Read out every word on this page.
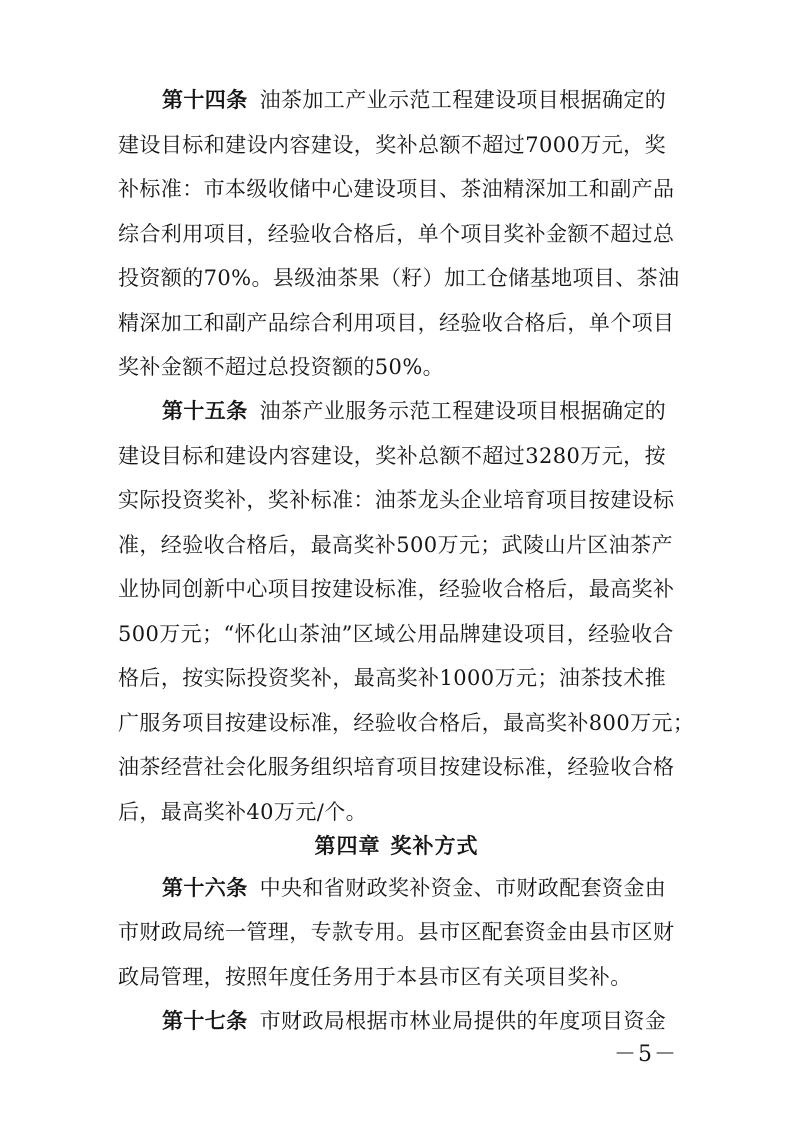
第十四条 油茶加工产业示范工程建设项目根据确定的
建设目标和建设内容建设，奖补总额不超过7000万元，奖
补标准：市本级收储中心建设项目、茶油精深加工和副产品
综合利用项目，经验收合格后，单个项目奖补金额不超过总
投资额的70%。县级油茶果（籽）加工仓储基地项目、茶油
精深加工和副产品综合利用项目，经验收合格后，单个项目
奖补金额不超过总投资额的50%。
第十五条 油茶产业服务示范工程建设项目根据确定的
建设目标和建设内容建设，奖补总额不超过3280万元，按
实际投资奖补，奖补标准：油茶龙头企业培育项目按建设标
准，经验收合格后，最高奖补500万元；武陵山片区油茶产
业协同创新中心项目按建设标准，经验收合格后，最高奖补
500万元；“怀化山茶油”区域公用品牌建设项目，经验收合
格后，按实际投资奖补，最高奖补1000万元；油茶技术推
广服务项目按建设标准，经验收合格后，最高奖补800万元；
油茶经营社会化服务组织培育项目按建设标准，经验收合格
后，最高奖补40万元/个。
第十六条 中央和省财政奖补资金、市财政配套资金由
市财政局统一管理，专款专用。县市区配套资金由县市区财
政局管理，按照年度任务用于本县市区有关项目奖补。
第十七条 市财政局根据市林业局提供的年度项目资金
第四章 奖补方式
－5－
